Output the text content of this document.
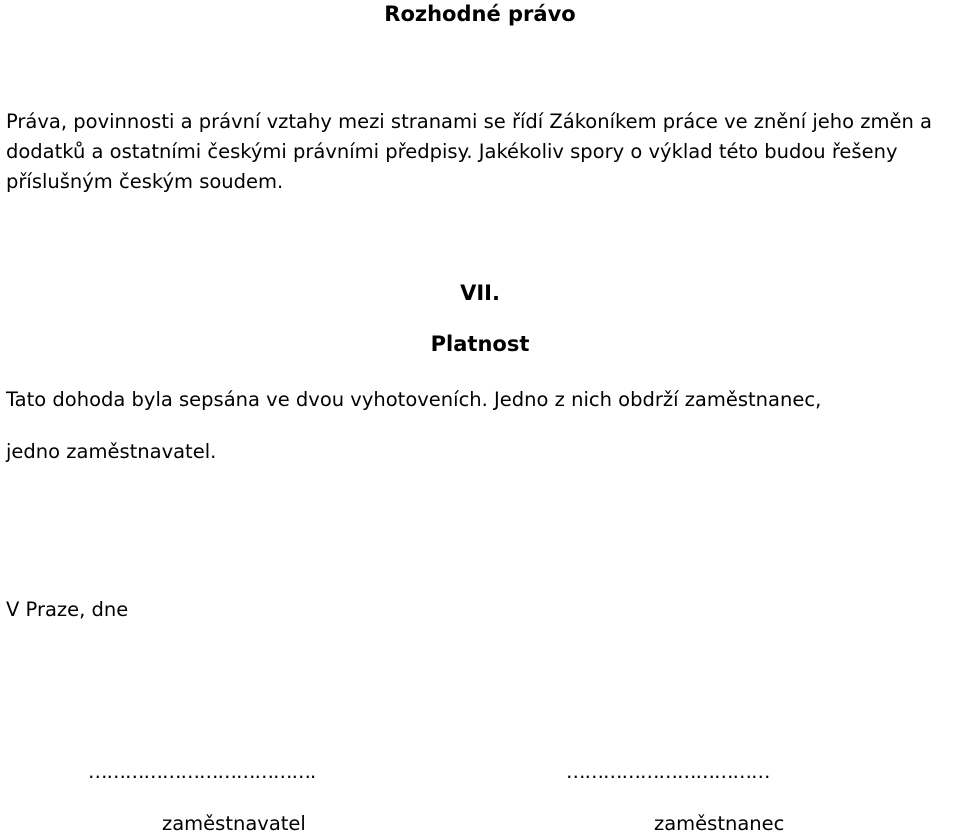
Rozhodné právo
Práva, povinnosti a právní vztahy mezi stranami se řídí Zákoníkem práce ve znění jeho změn a dodatků a ostatními českými právními předpisy. Jakékoliv spory o výklad této budou řešeny příslušným českým soudem.
VII.
Platnost
Tato dohoda byla sepsána ve dvou vyhotoveních. Jedno z nich obdrží zaměstnanec,
jedno zaměstnavatel.
V Praze, dne
……………………………….	……………………………
zaměstnavatel	zaměstnanec
